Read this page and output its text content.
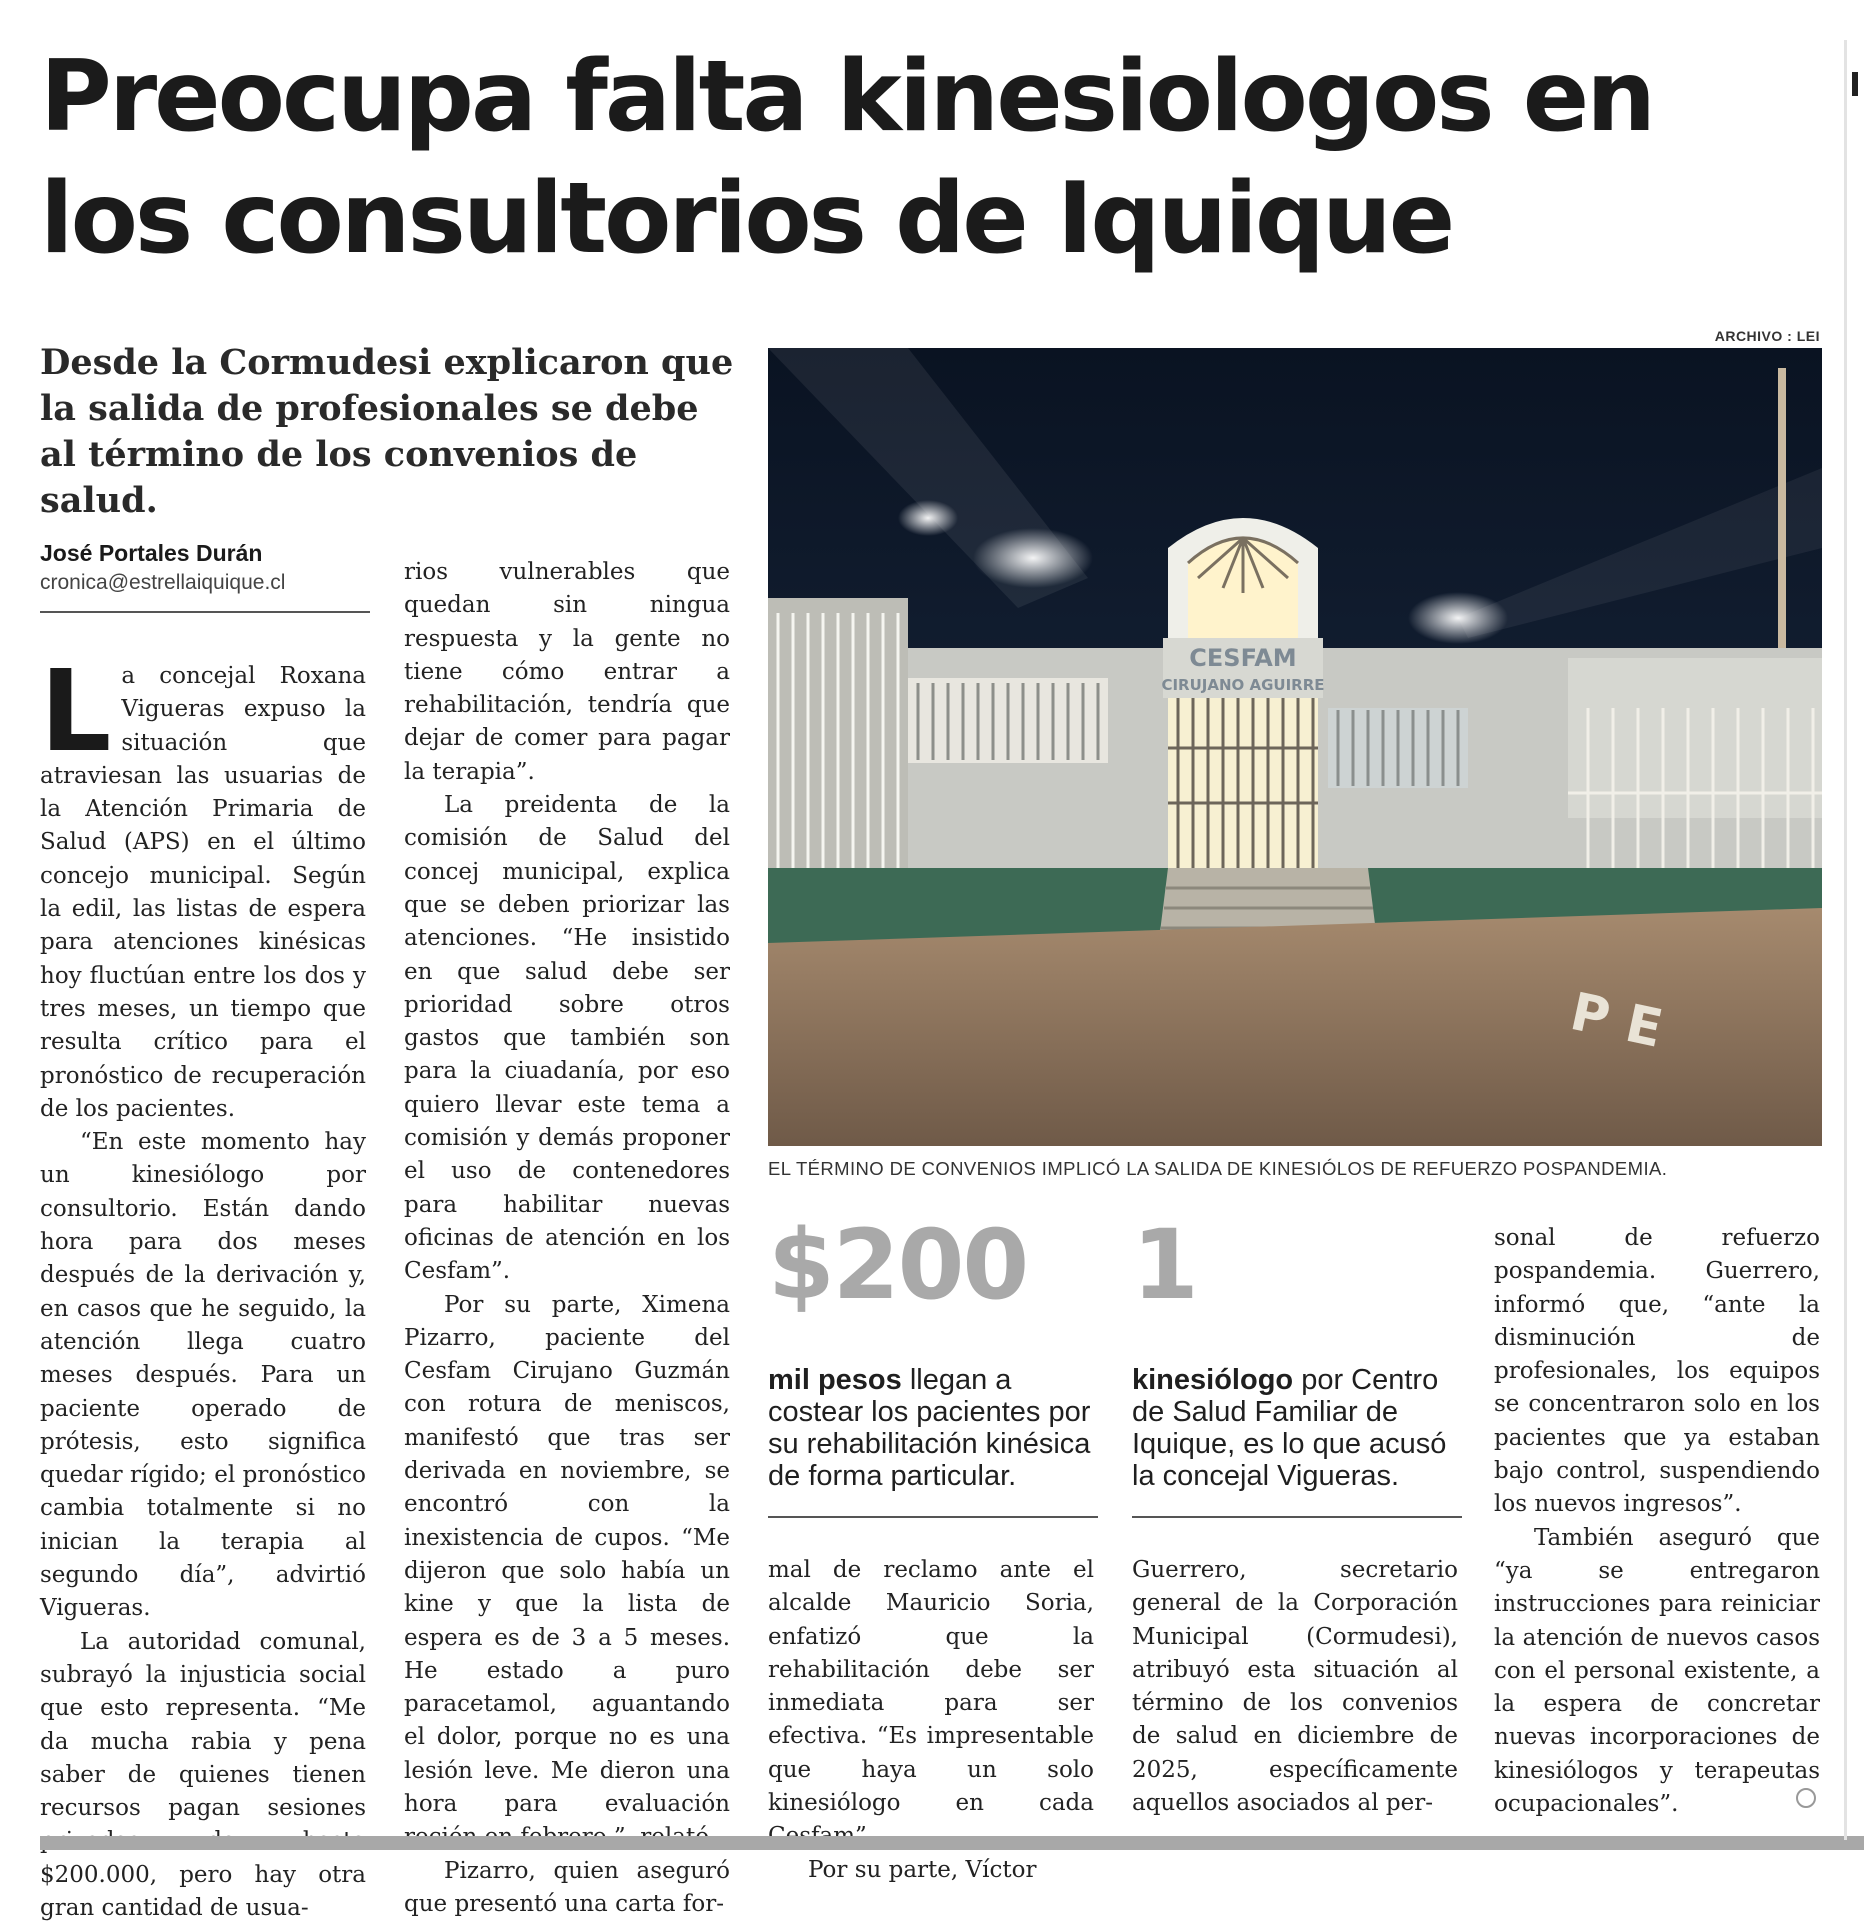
Preocupa falta kinesiologos en los consultorios de Iquique

Desde la Cormudesi explicaron que la salida de profesionales se debe al término de los convenios de salud.

José Portales Durán
cronica@estrellaiquique.cl

La concejal Roxana Vigueras expuso la situación que atraviesan las usuarias de la Atención Primaria de Salud (APS) en el último concejo municipal. Según la edil, las listas de espera para atenciones kinésicas hoy fluctúan entre los dos y tres meses, un tiempo que resulta crítico para el pronóstico de recuperación de los pacientes.

“En este momento hay un kinesiólogo por consultorio. Están dando hora para dos meses después de la derivación y, en casos que he seguido, la atención llega cuatro meses después. Para un paciente operado de prótesis, esto significa quedar rígido; el pronóstico cambia totalmente si no inician la terapia al segundo día”, advirtió Vigueras.

La autoridad comunal, subrayó la injusticia social que esto representa. “Me da mucha rabia y pena saber de quienes tienen recursos pagan sesiones $200.000, pero hay otra gran cantidad de usua-

rios vulnerables que quedan sin ningua respuesta y la gente no tiene cómo entrar a rehabilitación, tendría que dejar de comer para pagar la terapia”.

La preidenta de la comisión de Salud del concej municipal, explica que se deben priorizar las atenciones. “He insistido en que salud debe ser prioridad sobre otros gastos que también son para la ciuadanía, por eso quiero llevar este tema a comisión y demás proponer el uso de contenedores para habilitar nuevas oficinas de atención en los Cesfam”.

Por su parte, Ximena Pizarro, paciente del Cesfam Cirujano Guzmán con rotura de meniscos, manifestó que tras ser derivada en noviembre, se encontró con la inexistencia de cupos. “Me dijeron que solo había un kine y que la lista de espera es de 3 a 5 meses. He estado a puro paracetamol, aguantando el dolor, porque no es una lesión leve. Me dieron una hora para evaluación

Pizarro, quien aseguró que presentó una carta for-

mal de reclamo ante el alcalde Mauricio Soria, enfatizó que la rehabilitación debe ser inmediata para ser efectiva. “Es impresentable que haya un solo kinesiólogo en cada

Por su parte, Víctor

Guerrero, secretario general de la Corporación Municipal (Cormudesi), atribuyó esta situación al término de los convenios de salud en diciembre de 2025, específicamente aquellos asociados al per-

sonal de refuerzo pospandemia. Guerrero, informó que, “ante la disminución de profesionales, los equipos se concentraron solo en los pacientes que ya estaban bajo control, suspendiendo los nuevos ingresos”.

También aseguró que “ya se entregaron instrucciones para reiniciar la atención de nuevos casos con el personal existente, a la espera de concretar nuevas incorporaciones de kinesiólogos y terapeutas ocupacionales”.

ARCHIVO : LEI
CESFAM
CIRUJANO AGUIRRE
P E
EL TÉRMINO DE CONVENIOS IMPLICÓ LA SALIDA DE KINESIÓLOS DE REFUERZO POSPANDEMIA.
$200
mil pesos llegan a costear los pacientes por su rehabilitación kinésica de forma particular.
1
kinesiólogo por Centro de Salud Familiar de Iquique, es lo que acusó la concejal Vigueras.
